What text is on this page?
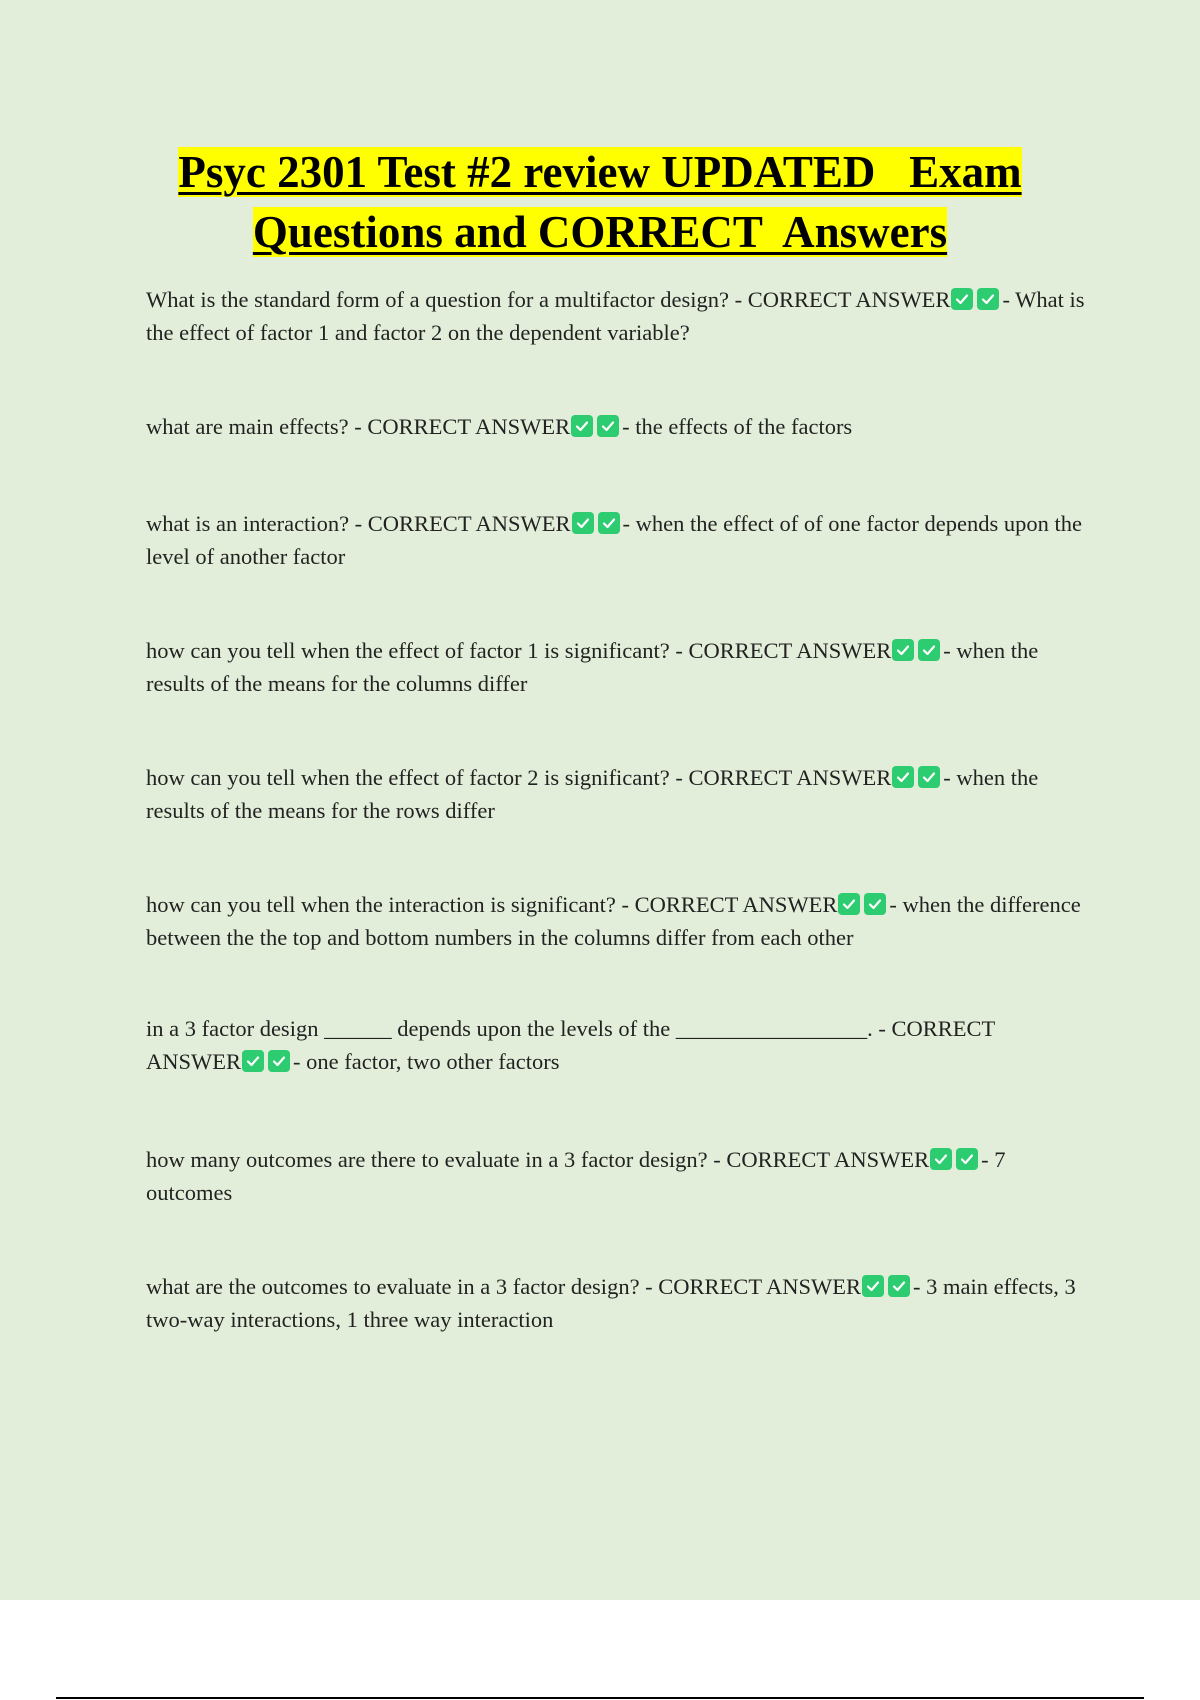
Psyc 2301 Test #2 review UPDATED   Exam
Questions and CORRECT  Answers
What is the standard form of a question for a multifactor design? - CORRECT ANSWER - What is the effect of factor 1 and factor 2 on the dependent variable?
what are main effects? - CORRECT ANSWER - the effects of the factors
what is an interaction? - CORRECT ANSWER - when the effect of of one factor depends upon the level of another factor
how can you tell when the effect of factor 1 is significant? - CORRECT ANSWER - when the results of the means for the columns differ
how can you tell when the effect of factor 2 is significant? - CORRECT ANSWER - when the results of the means for the rows differ
how can you tell when the interaction is significant? - CORRECT ANSWER - when the difference between the the top and bottom numbers in the columns differ from each other
in a 3 factor design ______ depends upon the levels of the _________________. - CORRECT ANSWER - one factor, two other factors
how many outcomes are there to evaluate in a 3 factor design? - CORRECT ANSWER - 7 outcomes
what are the outcomes to evaluate in a 3 factor design? - CORRECT ANSWER - 3 main effects, 3 two-way interactions, 1 three way interaction
